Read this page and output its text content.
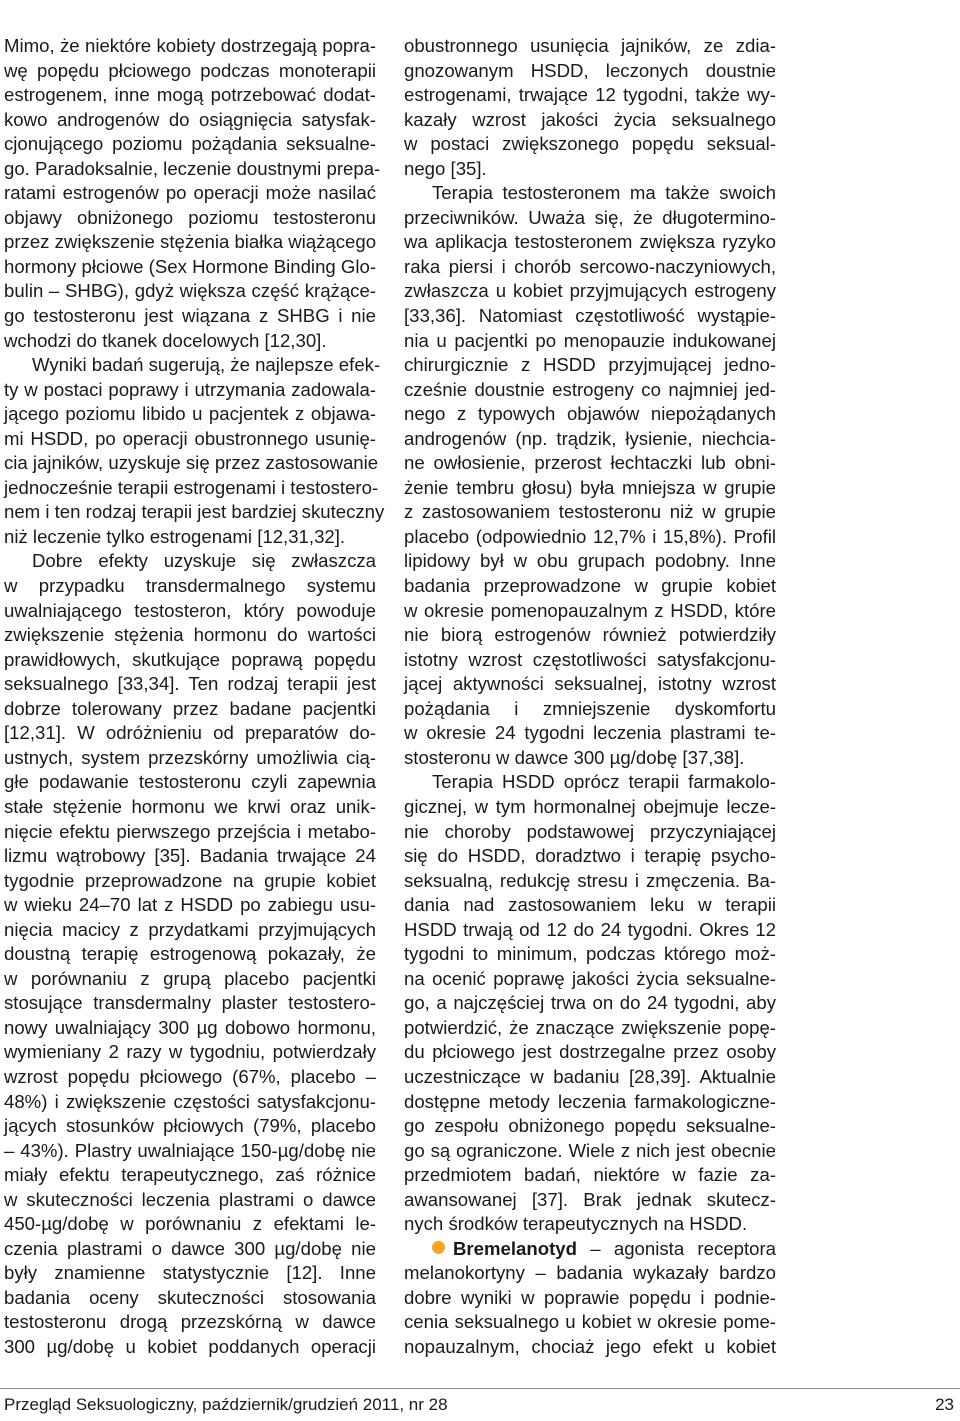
Mimo, że niektóre kobiety dostrzegają popra-
wę popędu płciowego podczas monoterapii
estrogenem, inne mogą potrzebować dodat-
kowo androgenów do osiągnięcia satysfak-
cjonującego poziomu pożądania seksualne-
go. Paradoksalnie, leczenie doustnymi prepa-
ratami estrogenów po operacji może nasilać
objawy obniżonego poziomu testosteronu
przez zwiększenie stężenia białka wiążącego
hormony płciowe (Sex Hormone Binding Glo-
bulin – SHBG), gdyż większa część krążące-
go testosteronu jest wiązana z SHBG i nie
wchodzi do tkanek docelowych [12,30].
Wyniki badań sugerują, że najlepsze efek-
ty w postaci poprawy i utrzymania zadowala-
jącego poziomu libido u pacjentek z objawa-
mi HSDD, po operacji obustronnego usunię-
cia jajników, uzyskuje się przez zastosowanie
jednocześnie terapii estrogenami i testostero-
nem i ten rodzaj terapii jest bardziej skuteczny
niż leczenie tylko estrogenami [12,31,32].
Dobre efekty uzyskuje się zwłaszcza
w przypadku transdermalnego systemu
uwalniającego testosteron, który powoduje
zwiększenie stężenia hormonu do wartości
prawidłowych, skutkujące poprawą popędu
seksualnego [33,34]. Ten rodzaj terapii jest
dobrze tolerowany przez badane pacjentki
[12,31]. W odróżnieniu od preparatów do-
ustnych, system przezskórny umożliwia cią-
głe podawanie testosteronu czyli zapewnia
stałe stężenie hormonu we krwi oraz unik-
nięcie efektu pierwszego przejścia i metabo-
lizmu wątrobowy [35]. Badania trwające 24
tygodnie przeprowadzone na grupie kobiet
w wieku 24–70 lat z HSDD po zabiegu usu-
nięcia macicy z przydatkami przyjmujących
doustną terapię estrogenową pokazały, że
w porównaniu z grupą placebo pacjentki
stosujące transdermalny plaster testostero-
nowy uwalniający 300 µg dobowo hormonu,
wymieniany 2 razy w tygodniu, potwierdzały
wzrost popędu płciowego (67%, placebo –
48%) i zwiększenie częstości satysfakcjonu-
jących stosunków płciowych (79%, placebo
– 43%). Plastry uwalniające 150-µg/dobę nie
miały efektu terapeutycznego, zaś różnice
w skuteczności leczenia plastrami o dawce
450-µg/dobę w porównaniu z efektami le-
czenia plastrami o dawce 300 µg/dobę nie
były znamienne statystycznie [12]. Inne
badania oceny skuteczności stosowania
testosteronu drogą przezskórną w dawce
300 µg/dobę u kobiet poddanych operacji
obustronnego usunięcia jajników, ze zdia-
gnozowanym HSDD, leczonych doustnie
estrogenami, trwające 12 tygodni, także wy-
kazały wzrost jakości życia seksualnego
w postaci zwiększonego popędu seksual-
nego [35].
Terapia testosteronem ma także swoich
przeciwników. Uważa się, że długotermino-
wa aplikacja testosteronem zwiększa ryzyko
raka piersi i chorób sercowo-naczyniowych,
zwłaszcza u kobiet przyjmujących estrogeny
[33,36]. Natomiast częstotliwość wystąpie-
nia u pacjentki po menopauzie indukowanej
chirurgicznie z HSDD przyjmującej jedno-
cześnie doustnie estrogeny co najmniej jed-
nego z typowych objawów niepożądanych
androgenów (np. trądzik, łysienie, niechcia-
ne owłosienie, przerost łechtaczki lub obni-
żenie tembru głosu) była mniejsza w grupie
z zastosowaniem testosteronu niż w grupie
placebo (odpowiednio 12,7% i 15,8%). Profil
lipidowy był w obu grupach podobny. Inne
badania przeprowadzone w grupie kobiet
w okresie pomenopauzalnym z HSDD, które
nie biorą estrogenów również potwierdziły
istotny wzrost częstotliwości satysfakcjonu-
jącej aktywności seksualnej, istotny wzrost
pożądania i zmniejszenie dyskomfortu
w okresie 24 tygodni leczenia plastrami te-
stosteronu w dawce 300 µg/dobę [37,38].
Terapia HSDD oprócz terapii farmakolo-
gicznej, w tym hormonalnej obejmuje lecze-
nie choroby podstawowej przyczyniającej
się do HSDD, doradztwo i terapię psycho-
seksualną, redukcję stresu i zmęczenia. Ba-
dania nad zastosowaniem leku w terapii
HSDD trwają od 12 do 24 tygodni. Okres 12
tygodni to minimum, podczas którego moż-
na ocenić poprawę jakości życia seksualne-
go, a najczęściej trwa on do 24 tygodni, aby
potwierdzić, że znaczące zwiększenie popę-
du płciowego jest dostrzegalne przez osoby
uczestniczące w badaniu [28,39]. Aktualnie
dostępne metody leczenia farmakologiczne-
go zespołu obniżonego popędu seksualne-
go są ograniczone. Wiele z nich jest obecnie
przedmiotem badań, niektóre w fazie za-
awansowanej [37]. Brak jednak skutecz-
nych środków terapeutycznych na HSDD.
Bremelanotyd – agonista receptora
melanokortyny – badania wykazały bardzo
dobre wyniki w poprawie popędu i podnie-
cenia seksualnego u kobiet w okresie pome-
nopauzalnym, chociaż jego efekt u kobiet
Przegląd Seksuologiczny, październik/grudzień 2011, nr 28	23
